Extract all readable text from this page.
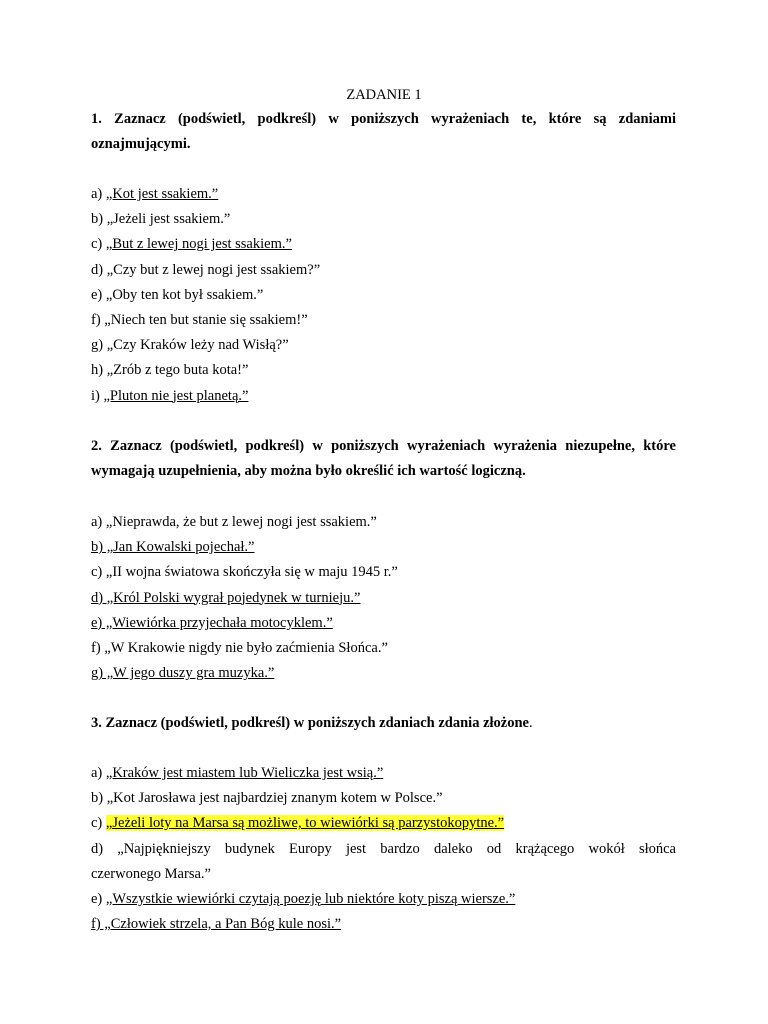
ZADANIE 1
1. Zaznacz (podświetl, podkreśl) w poniższych wyrażeniach te, które są zdaniami
oznajmującymi.
a) „Kot jest ssakiem.”
b) „Jeżeli jest ssakiem.”
c) „But z lewej nogi jest ssakiem.”
d) „Czy but z lewej nogi jest ssakiem?”
e) „Oby ten kot był ssakiem.”
f) „Niech ten but stanie się ssakiem!”
g) „Czy Kraków leży nad Wisłą?”
h) „Zrób z tego buta kota!”
i) „Pluton nie jest planetą.”
2. Zaznacz (podświetl, podkreśl) w poniższych wyrażeniach wyrażenia niezupełne, które
wymagają uzupełnienia, aby można było określić ich wartość logiczną.
a) „Nieprawda, że but z lewej nogi jest ssakiem.”
b) „Jan Kowalski pojechał.”
c) „II wojna światowa skończyła się w maju 1945 r.”
d) „Król Polski wygrał pojedynek w turnieju.”
e) „Wiewiórka przyjechała motocyklem.”
f) „W Krakowie nigdy nie było zaćmienia Słońca.”
g) „W jego duszy gra muzyka.”
3. Zaznacz (podświetl, podkreśl) w poniższych zdaniach zdania złożone.
a) „Kraków jest miastem lub Wieliczka jest wsią.”
b) „Kot Jarosława jest najbardziej znanym kotem w Polsce.”
c) „Jeżeli loty na Marsa są możliwe, to wiewiórki są parzystokopytne.”
d) „Najpiękniejszy budynek Europy jest bardzo daleko od krążącego wokół słońca
czerwonego Marsa.”
e) „Wszystkie wiewiórki czytają poezję lub niektóre koty piszą wiersze.”
f) „Człowiek strzela, a Pan Bóg kule nosi.”
